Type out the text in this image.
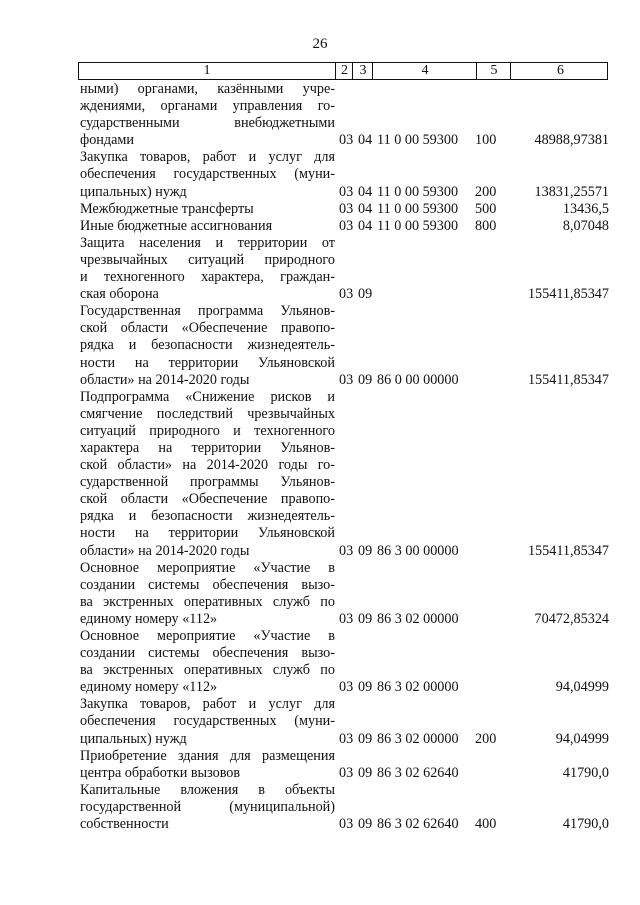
26
1	2 3	4	5	6
ными) органами, казёнными учре-
ждениями, органами управления го-
сударственными внебюджетными
фондами	03 04 11 0 00 59300 100	48988,97381
Закупка товаров, работ и услуг для
обеспечения государственных (муни-
ципальных) нужд	03 04 11 0 00 59300 200	13831,25571
Межбюджетные трансферты	03 04 11 0 00 59300 500	13436,5
Иные бюджетные ассигнования	03 04 11 0 00 59300 800	8,07048
Защита населения и территории от
чрезвычайных ситуаций природного
и техногенного характера, граждан-
ская оборона	03 09	155411,85347
Государственная программа Ульянов-
ской области «Обеспечение правопо-
рядка и безопасности жизнедеятель-
ности на территории Ульяновской
области» на 2014-2020 годы	03 09 86 0 00 00000	155411,85347
Подпрограмма «Снижение рисков и
смягчение последствий чрезвычайных
ситуаций природного и техногенного
характера на территории Ульянов-
ской области» на 2014-2020 годы го-
сударственной программы Ульянов-
ской области «Обеспечение правопо-
рядка и безопасности жизнедеятель-
ности на территории Ульяновской
области» на 2014-2020 годы	03 09 86 3 00 00000	155411,85347
Основное мероприятие «Участие в
создании системы обеспечения вызо-
ва экстренных оперативных служб по
единому номеру «112»	03 09 86 3 02 00000	70472,85324
Основное мероприятие «Участие в
создании системы обеспечения вызо-
ва экстренных оперативных служб по
единому номеру «112»	03 09 86 3 02 00000	94,04999
Закупка товаров, работ и услуг для
обеспечения государственных (муни-
ципальных) нужд	03 09 86 3 02 00000 200	94,04999
Приобретение здания для размещения
центра обработки вызовов	03 09 86 3 02 62640	41790,0
Капитальные вложения в объекты
государственной (муниципальной)
собственности	03 09 86 3 02 62640 400	41790,0
